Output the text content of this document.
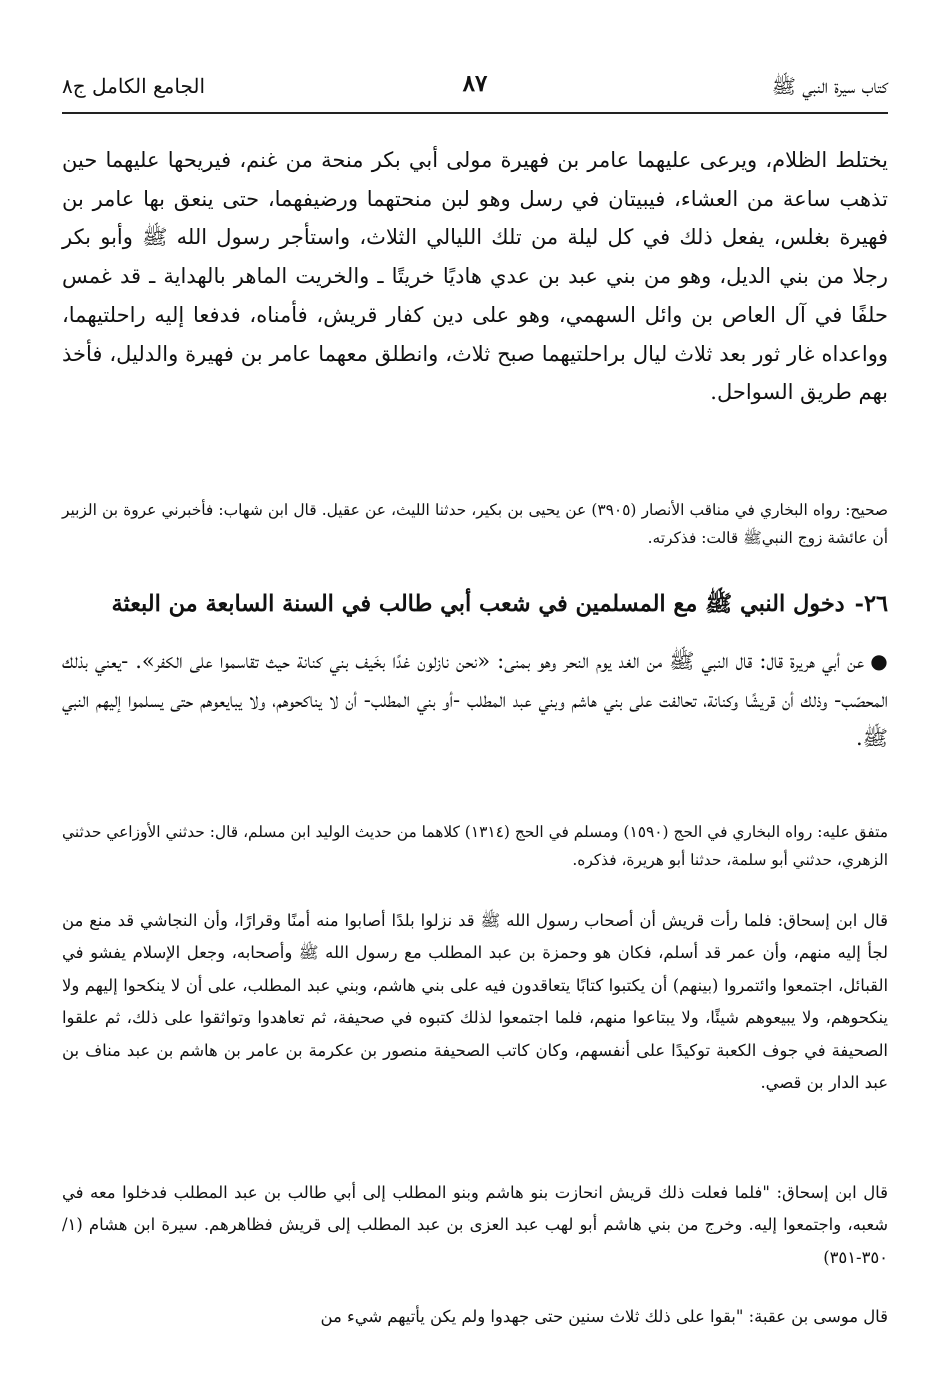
كتاب سيرة النبي ﷺ
٨٧
الجامع الكامل ج٨

يختلط الظلام، ويرعى عليهما عامر بن فهيرة مولى أبي بكر منحة من غنم، فيريحها عليهما حين تذهب ساعة من العشاء، فيبيتان في رسل وهو لبن منحتهما ورضيفهما، حتى ينعق بها عامر بن فهيرة بغلس، يفعل ذلك في كل ليلة من تلك الليالي الثلاث، واستأجر رسول الله ﷺ وأبو بكر رجلا من بني الديل، وهو من بني عبد بن عدي هاديًا خريتًا ـ والخريت الماهر بالهداية ـ قد غمس حلفًا في آل العاص بن وائل السهمي، وهو على دين كفار قريش، فأمناه، فدفعا إليه راحلتيهما، وواعداه غار ثور بعد ثلاث ليال براحلتيهما صبح ثلاث، وانطلق معهما عامر بن فهيرة والدليل، فأخذ بهم طريق السواحل.

صحيح: رواه البخاري في مناقب الأنصار (٣٩٠٥) عن يحيى بن بكير، حدثنا الليث، عن عقيل. قال ابن شهاب: فأخبرني عروة بن الزبير أن عائشة زوج النبيﷺ قالت: فذكرته.

٢٦-دخول النبي ﷺ مع المسلمين في شعب أبي طالب في السنة السابعة من البعثة
●عن أبي هريرة قال: قال النبي ﷺ من الغد يوم النحر وهو بمنى: «نحن نازلون غدًا بخَيف بني كنانة حيث تقاسموا على الكفر». -يعني بذلك المحصّب- وذلك أن قريشًا وكنانة، تحالفت على بني هاشم وبني عبد المطلب -أو بني المطلب- أن لا يناكحوهم، ولا يبايعوهم حتى يسلموا إليهم النبي ﷺ.

متفق عليه: رواه البخاري في الحج (١٥٩٠) ومسلم في الحج (١٣١٤) كلاهما من حديث الوليد ابن مسلم، قال: حدثني الأوزاعي حدثني الزهري، حدثني أبو سلمة، حدثنا أبو هريرة، فذكره.

قال ابن إسحاق: فلما رأت قريش أن أصحاب رسول الله ﷺ قد نزلوا بلدًا أصابوا منه أمنًا وقرارًا، وأن النجاشي قد منع من لجأ إليه منهم، وأن عمر قد أسلم، فكان هو وحمزة بن عبد المطلب مع رسول الله ﷺ وأصحابه، وجعل الإسلام يفشو في القبائل، اجتمعوا وائتمروا (بينهم) أن يكتبوا كتابًا يتعاقدون فيه على بني هاشم، وبني عبد المطلب، على أن لا ينكحوا إليهم ولا ينكحوهم، ولا يبيعوهم شيئًا، ولا يبتاعوا منهم، فلما اجتمعوا لذلك كتبوه في صحيفة، ثم تعاهدوا وتواثقوا على ذلك، ثم علقوا الصحيفة في جوف الكعبة توكيدًا على أنفسهم، وكان كاتب الصحيفة منصور بن عكرمة بن عامر بن هاشم بن عبد مناف بن عبد الدار بن قصي.

قال ابن إسحاق: "فلما فعلت ذلك قريش انحازت بنو هاشم وبنو المطلب إلى أبي طالب بن عبد المطلب فدخلوا معه في شعبه، واجتمعوا إليه. وخرج من بني هاشم أبو لهب عبد العزى بن عبد المطلب إلى قريش فظاهرهم. سيرة ابن هشام (١/ ٣٥٠-٣٥١)

قال موسى بن عقبة: "بقوا على ذلك ثلاث سنين حتى جهدوا ولم يكن يأتيهم شيء من
